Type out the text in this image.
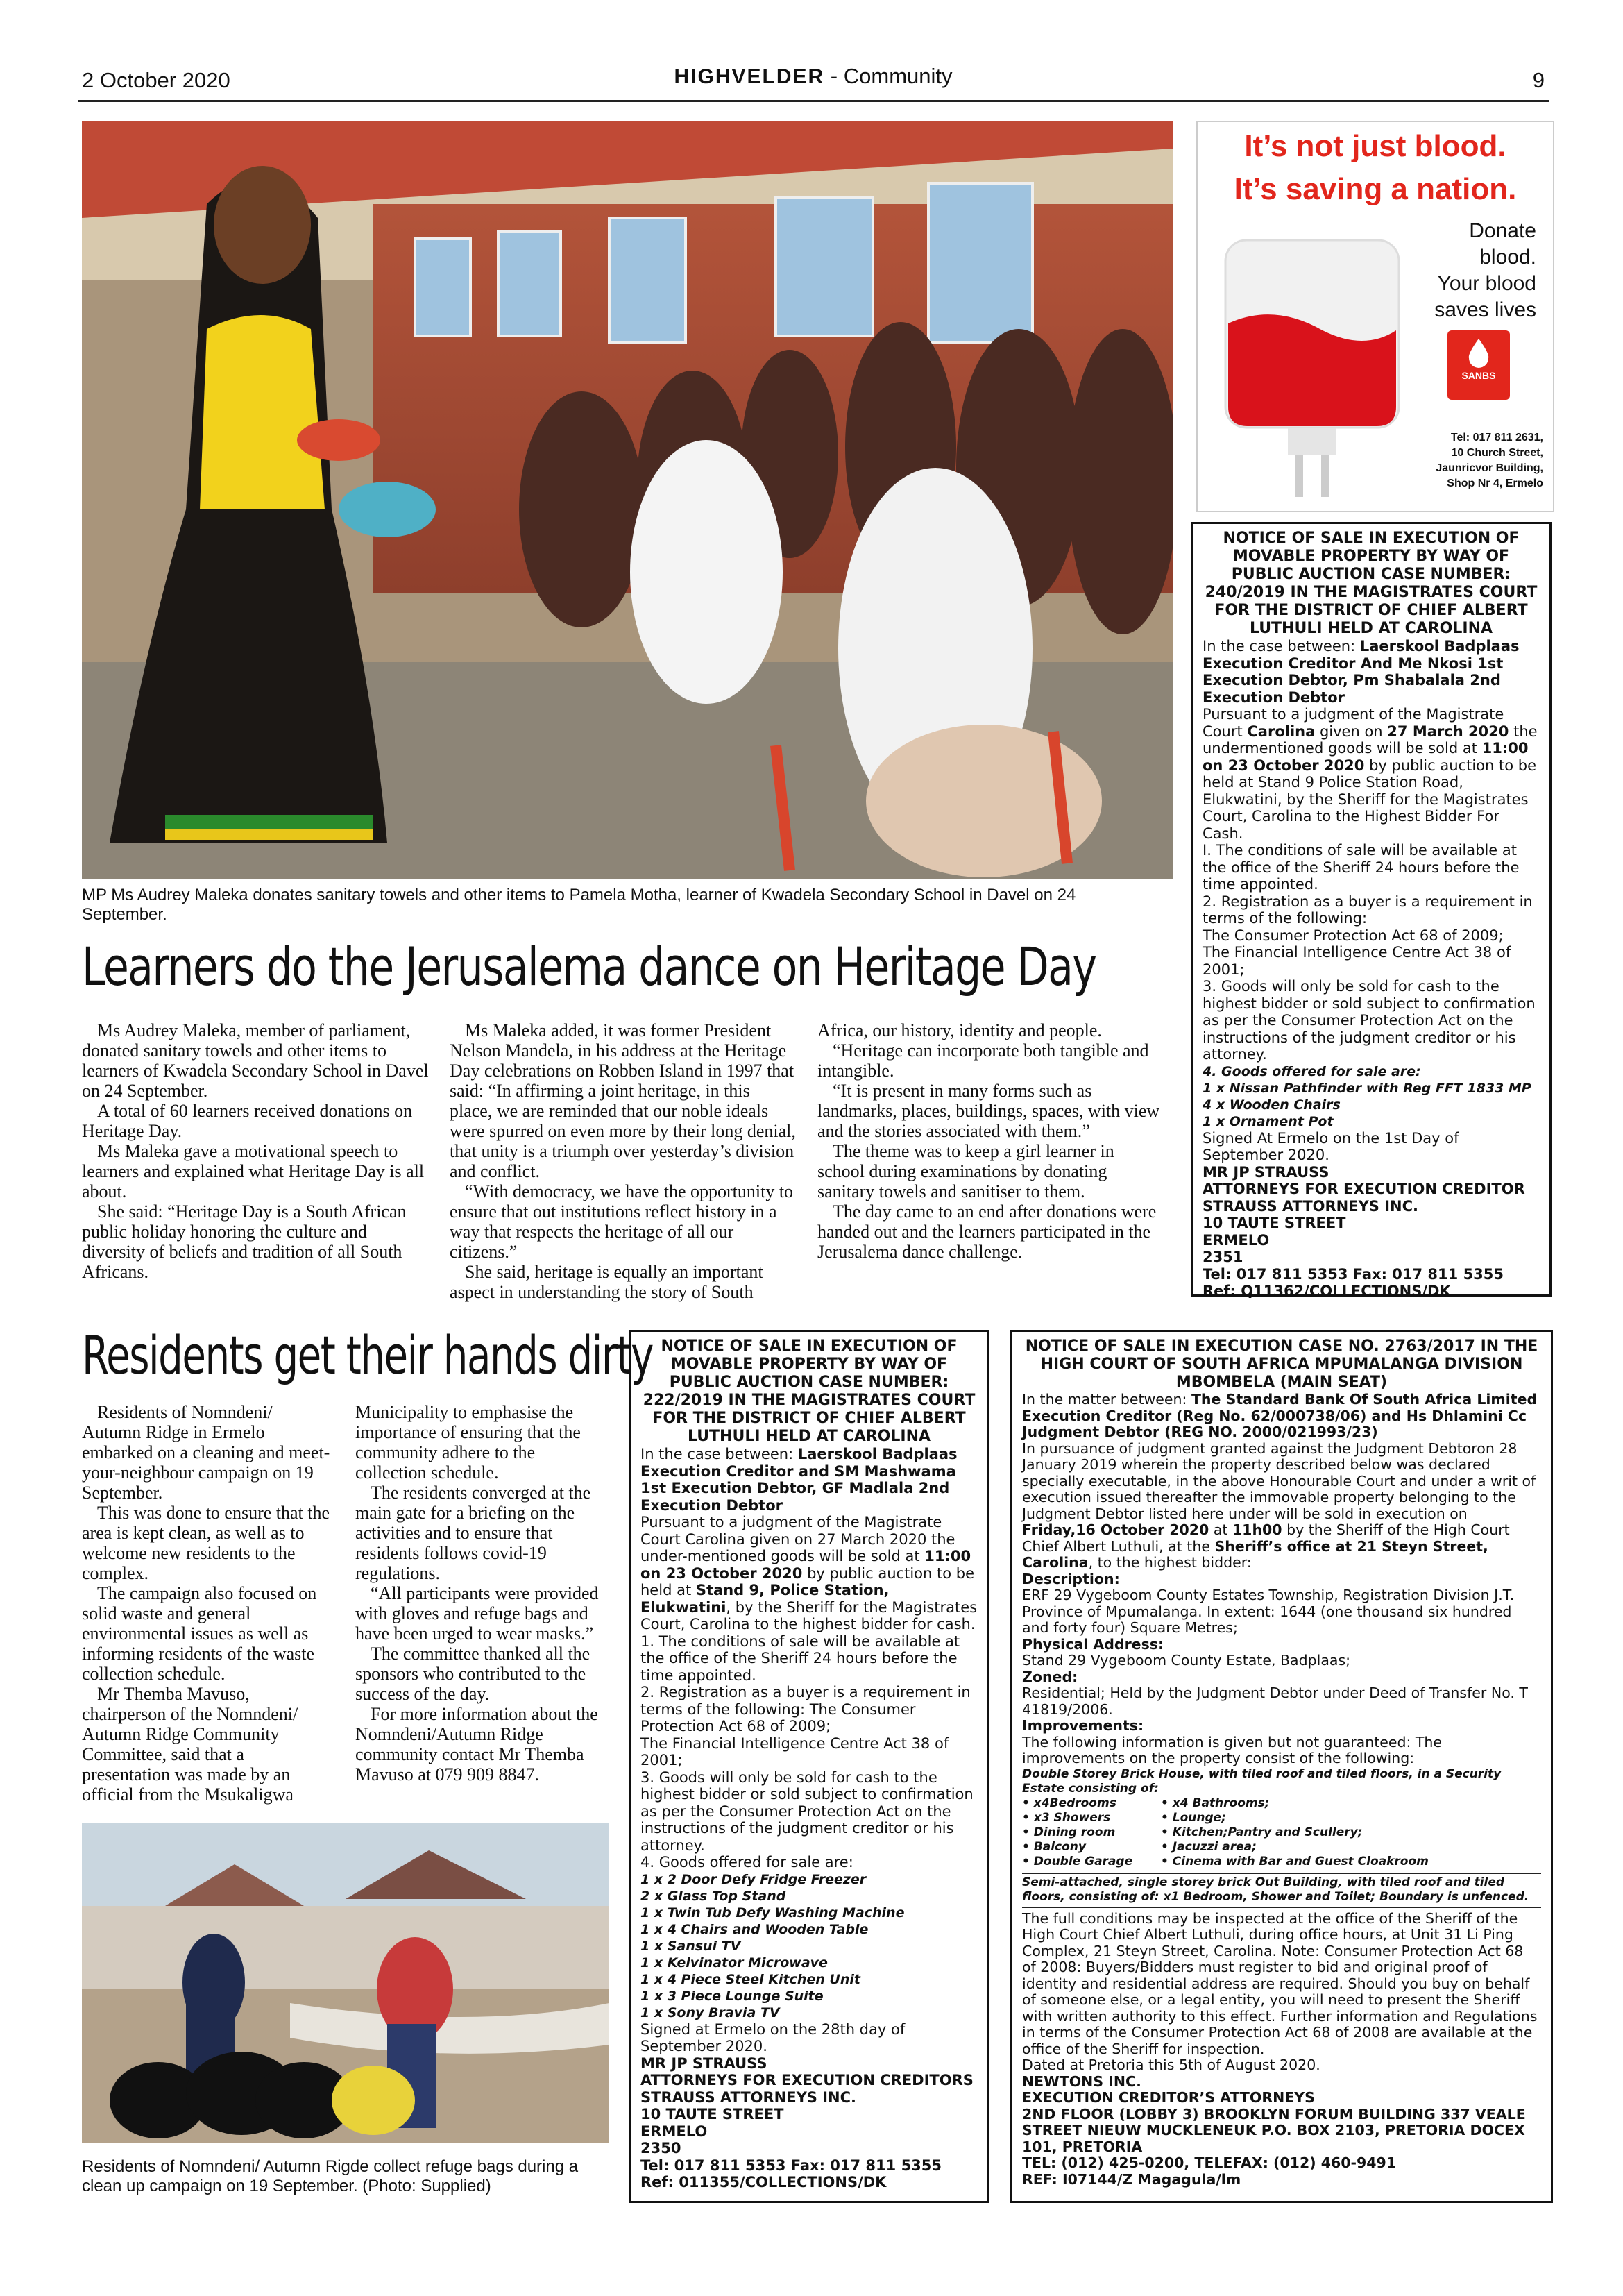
2 October 2020	HIGHVELDER - Community	9
MP Ms Audrey Maleka donates sanitary towels and other items to Pamela Motha, learner of Kwadela Secondary School in Davel on 24 September.
Learners do the Jerusalema dance on Heritage Day

Ms Audrey Maleka, member of parliament, donated sanitary towels and other items to learners of Kwadela Secondary School in Davel on 24 September.

A total of 60 learners received donations on Heritage Day.

Ms Maleka gave a motivational speech to learners and explained what Heritage Day is all about.

She said: “Heritage Day is a South African public holiday honoring the culture and diversity of beliefs and tradition of all South Africans.

Ms Maleka added, it was former President Nelson Mandela, in his address at the Heritage Day celebrations on Robben Island in 1997 that said: “In affirming a joint heritage, in this place, we are reminded that our noble ideals were spurred on even more by their long denial, that unity is a triumph over yesterday’s division and conflict.

“With democracy, we have the opportunity to ensure that out institutions reflect history in a way that respects the heritage of all our citizens.”

She said, heritage is equally an important aspect in understanding the story of South

Africa, our history, identity and people.

“Heritage can incorporate both tangible and intangible.

“It is present in many forms such as landmarks, places, buildings, spaces, with view and the stories associated with them.”

The theme was to keep a girl learner in school during examinations by donating sanitary towels and sanitiser to them.

The day came to an end after donations were handed out and the learners participated in the Jerusalema dance challenge.

Residents get their hands dirty

Residents of Nomndeni/ Autumn Ridge in Ermelo embarked on a cleaning and meet-your-neighbour campaign on 19 September.

This was done to ensure that the area is kept clean, as well as to welcome new residents to the complex.

The campaign also focused on solid waste and general environmental issues as well as informing residents of the waste collection schedule.

Mr Themba Mavuso, chairperson of the Nomndeni/ Autumn Ridge Community Committee, said that a presentation was made by an official from the Msukaligwa

Municipality to emphasise the importance of ensuring that the community adhere to the collection schedule.

The residents converged at the main gate for a briefing on the activities and to ensure that residents follows covid-19 regulations.

“All participants were provided with gloves and refuge bags and have been urged to wear masks.”

The committee thanked all the sponsors who contributed to the success of the day.

For more information about the Nomndeni/Autumn Ridge community contact Mr Themba Mavuso at 079 909 8847.

Residents of Nomndeni/ Autumn Rigde collect refuge bags during a clean up campaign on 19 September. (Photo: Supplied)
It’s not just blood.
It’s saving a nation.
Donate
blood.
Your blood
saves lives
SANBS
Tel: 017 811 2631,
10 Church Street,
Jaunricvor Building,
Shop Nr 4, Ermelo
NOTICE OF SALE IN EXECUTION OF MOVABLE PROPERTY BY WAY OF PUBLIC AUCTION CASE NUMBER: 240/2019 IN THE MAGISTRATES COURT FOR THE DISTRICT OF CHIEF ALBERT LUTHULI HELD AT CAROLINA

In the case between: Laerskool Badplaas Execution Creditor And Me Nkosi 1st Execution Debtor, Pm Shabalala 2nd Execution Debtor

Pursuant to a judgment of the Magistrate Court Carolina given on 27 March 2020 the undermentioned goods will be sold at 11:00 on 23 October 2020 by public auction to be held at Stand 9 Police Station Road, Elukwatini, by the Sheriff for the Magistrates Court, Carolina to the Highest Bidder For Cash.

I. The conditions of sale will be available at the office of the Sheriff 24 hours before the time appointed.

2. Registration as a buyer is a requirement in terms of the following:

The Consumer Protection Act 68 of 2009;

The Financial Intelligence Centre Act 38 of 2001;

3. Goods will only be sold for cash to the highest bidder or sold subject to confirmation as per the Consumer Protection Act on the instructions of the judgment creditor or his attorney.

4. Goods offered for sale are:

1 x Nissan Pathfinder with Reg FFT 1833 MP

4 x Wooden Chairs

1 x Ornament Pot

Signed At Ermelo on the 1st Day of September 2020.

MR JP STRAUSS
ATTORNEYS FOR EXECUTION CREDITOR
STRAUSS ATTORNEYS INC.
10 TAUTE STREET
ERMELO
2351
Tel: 017 811 5353 Fax: 017 811 5355
Ref: Q11362/COLLECTIONS/DK
NOTICE OF SALE IN EXECUTION OF MOVABLE PROPERTY BY WAY OF PUBLIC AUCTION CASE NUMBER: 222/2019 IN THE MAGISTRATES COURT FOR THE DISTRICT OF CHIEF ALBERT LUTHULI HELD AT CAROLINA

In the case between: Laerskool Badplaas Execution Creditor and SM Mashwama 1st Execution Debtor, GF Madlala 2nd Execution Debtor

Pursuant to a judgment of the Magistrate Court Carolina given on 27 March 2020 the under-mentioned goods will be sold at 11:00 on 23 October 2020 by public auction to be held at Stand 9, Police Station, Elukwatini, by the Sheriff for the Magistrates Court, Carolina to the highest bidder for cash.

1. The conditions of sale will be available at the office of the Sheriff 24 hours before the time appointed.

2. Registration as a buyer is a requirement in terms of the following: The Consumer Protection Act 68 of 2009;

The Financial Intelligence Centre Act 38 of 2001;

3. Goods will only be sold for cash to the highest bidder or sold subject to confirmation as per the Consumer Protection Act on the instructions of the judgment creditor or his attorney.

4. Goods offered for sale are:

1 x 2 Door Defy Fridge Freezer

2 x Glass Top Stand

1 x Twin Tub Defy Washing Machine

1 x 4 Chairs and Wooden Table

1 x Sansui TV

1 x Kelvinator Microwave

1 x 4 Piece Steel Kitchen Unit

1 x 3 Piece Lounge Suite

1 x Sony Bravia TV

Signed at Ermelo on the 28th day of September 2020.

MR JP STRAUSS
ATTORNEYS FOR EXECUTION CREDITORS
STRAUSS ATTORNEYS INC.
10 TAUTE STREET
ERMELO
2350
Tel: 017 811 5353 Fax: 017 811 5355
Ref: 011355/COLLECTIONS/DK
NOTICE OF SALE IN EXECUTION CASE NO. 2763/2017 IN THE HIGH COURT OF SOUTH AFRICA MPUMALANGA DIVISION MBOMBELA (MAIN SEAT)

In the matter between: The Standard Bank Of South Africa Limited Execution Creditor (Reg No. 62/000738/06) and Hs Dhlamini Cc Judgment Debtor (REG NO. 2000/021993/23)

In pursuance of judgment granted against the Judgment Debtoron 28 January 2019 wherein the property described below was declared specially executable, in the above Honourable Court and under a writ of execution issued thereafter the immovable property belonging to the Judgment Debtor listed here under will be sold in execution on Friday,16 October 2020 at 11h00 by the Sheriff of the High Court Chief Albert Luthuli, at the Sheriff’s office at 21 Steyn Street, Carolina, to the highest bidder:

Description:

ERF 29 Vygeboom County Estates Township, Registration Division J.T. Province of Mpumalanga. In extent: 1644 (one thousand six hundred and forty four) Square Metres;

Physical Address:

Stand 29 Vygeboom County Estate, Badplaas;

Zoned:

Residential; Held by the Judgment Debtor under Deed of Transfer No. T 41819/2006.

Improvements:

The following information is given but not guaranteed: The improvements on the property consist of the following:

Double Storey Brick House, with tiled roof and tiled floors, in a Security Estate consisting of:

• x4Bedrooms
• x3 Showers
• Dining room
• Balcony
• Double Garage
• x4 Bathrooms;
• Lounge;
• Kitchen;Pantry and Scullery;
• Jacuzzi area;
• Cinema with Bar and Guest Cloakroom

Semi-attached, single storey brick Out Building, with tiled roof and tiled floors, consisting of: x1 Bedroom, Shower and Toilet; Boundary is unfenced.

The full conditions may be inspected at the office of the Sheriff of the High Court Chief Albert Luthuli, during office hours, at Unit 31 Li Ping Complex, 21 Steyn Street, Carolina. Note: Consumer Protection Act 68 of 2008: Buyers/Bidders must register to bid and original proof of identity and residential address are required. Should you buy on behalf of someone else, or a legal entity, you will need to present the Sheriff with written authority to this effect. Further information and Regulations in terms of the Consumer Protection Act 68 of 2008 are available at the office of the Sheriff for inspection.

Dated at Pretoria this 5th of August 2020.

NEWTONS INC.
EXECUTION CREDITOR’S ATTORNEYS
2ND FLOOR (LOBBY 3) BROOKLYN FORUM BUILDING 337 VEALE STREET NIEUW MUCKLENEUK P.O. BOX 2103, PRETORIA DOCEX 101, PRETORIA
TEL: (012) 425-0200, TELEFAX: (012) 460-9491
REF: I07144/Z Magagula/lm
